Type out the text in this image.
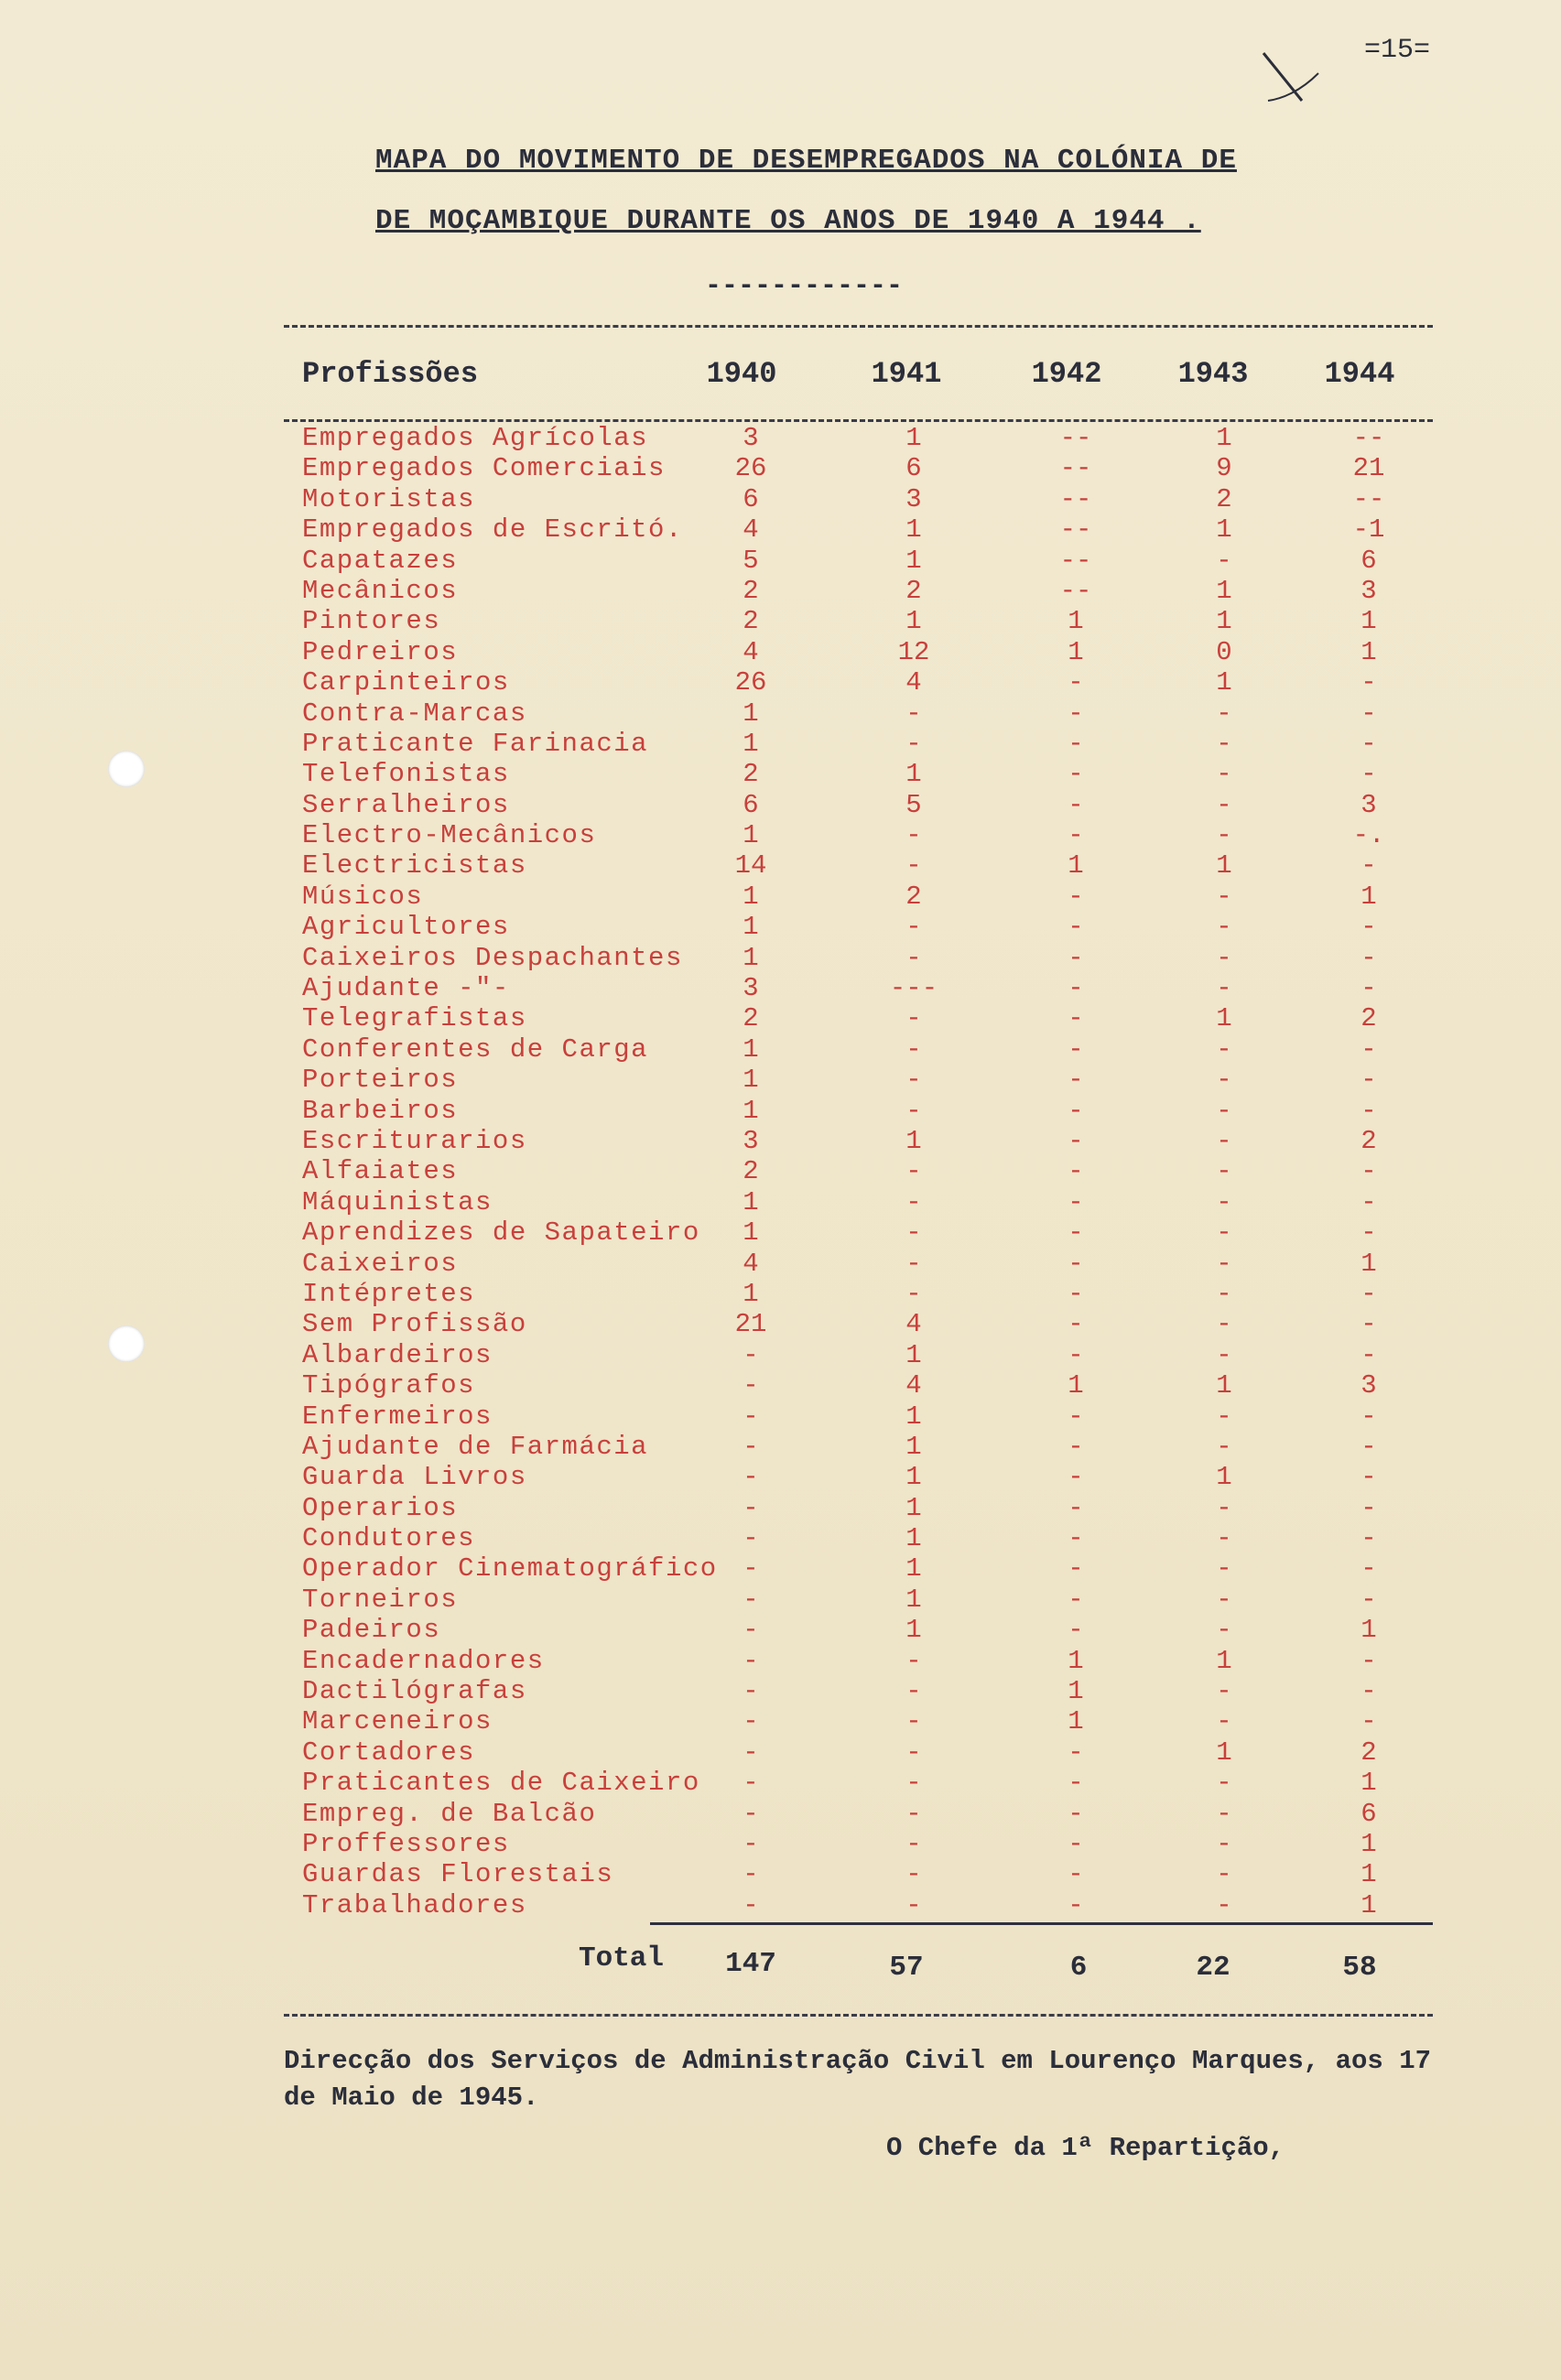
=15=
MAPA DO MOVIMENTO DE DESEMPREGADOS NA COLÓNIA DE
DE MOÇAMBIQUE DURANTE OS ANOS DE 1940 A 1944 .
------------
Profissões	1940	1941	1942	1943	1944
Empregados Agrícolas	3	1	--	1	--
Empregados Comerciais	26	6	--	9	21
Motoristas	6	3	--	2	--
Empregados de Escritó. 4	1	--	1	-1
Capatazes	5	1	--	-	6
Mecânicos	2	2	--	1	3
Pintores	2	1	1	1	1
Pedreiros	4	12	1	0	1
Carpinteiros	26	4	-	1	-
Contra-Marcas	1	-	-	-	-
Praticante Farinacia	1	-	-	-	-
Telefonistas	2	1	-	-	-
Serralheiros	6	5	-	-	3
Electro-Mecânicos	1	-	-	-	-.
Electricistas	14	-	1	1	-
Músicos	1	2	-	-	1
Agricultores	1	-	-	-	-
Caixeiros Despachantes 1	-	-	-	-
Ajudante -"-	3	---	-	-	-
Telegrafistas	2	-	-	1	2
Conferentes de Carga	1	-	-	-	-
Porteiros	1	-	-	-	-
Barbeiros	1	-	-	-	-
Escriturarios	3	1	-	-	2
Alfaiates	2	-	-	-	-
Máquinistas	1	-	-	-	-
Aprendizes de Sapateiro 1	-	-	-	-
Caixeiros	4	-	-	-	1
Intépretes	1	-	-	-	-
Sem Profissão	21	4	-	-	-
Albardeiros	-	1	-	-	-
Tipógrafos	-	4	1	1	3
Enfermeiros	-	1	-	-	-
Ajudante de Farmácia	-	1	-	-	-
Guarda Livros	-	1	-	1	-
Operarios	-	1	-	-	-
Condutores	-	1	-	-	-
Operador Cinematográfico -	1	-	-	-
Torneiros	-	1	-	-	-
Padeiros	-	1	-	-	1
Encadernadores	-	-	1	1	-
Dactilógrafas	-	-	1	-	-
Marceneiros	-	-	1	-	-
Cortadores	-	-	-	1	2
Praticantes de Caixeiro -	-	-	-	1
Empreg. de Balcão	-	-	-	-	6
Proffessores	-	-	-	-	1
Guardas Florestais	-	-	-	-	1
Trabalhadores	-	-	-	-	1
Total 147	57	6	22	58
Direcção dos Serviços de Administração Civil em Lourenço Marques, aos 17 de Maio de 1945.
O Chefe da 1ª Repartição,
